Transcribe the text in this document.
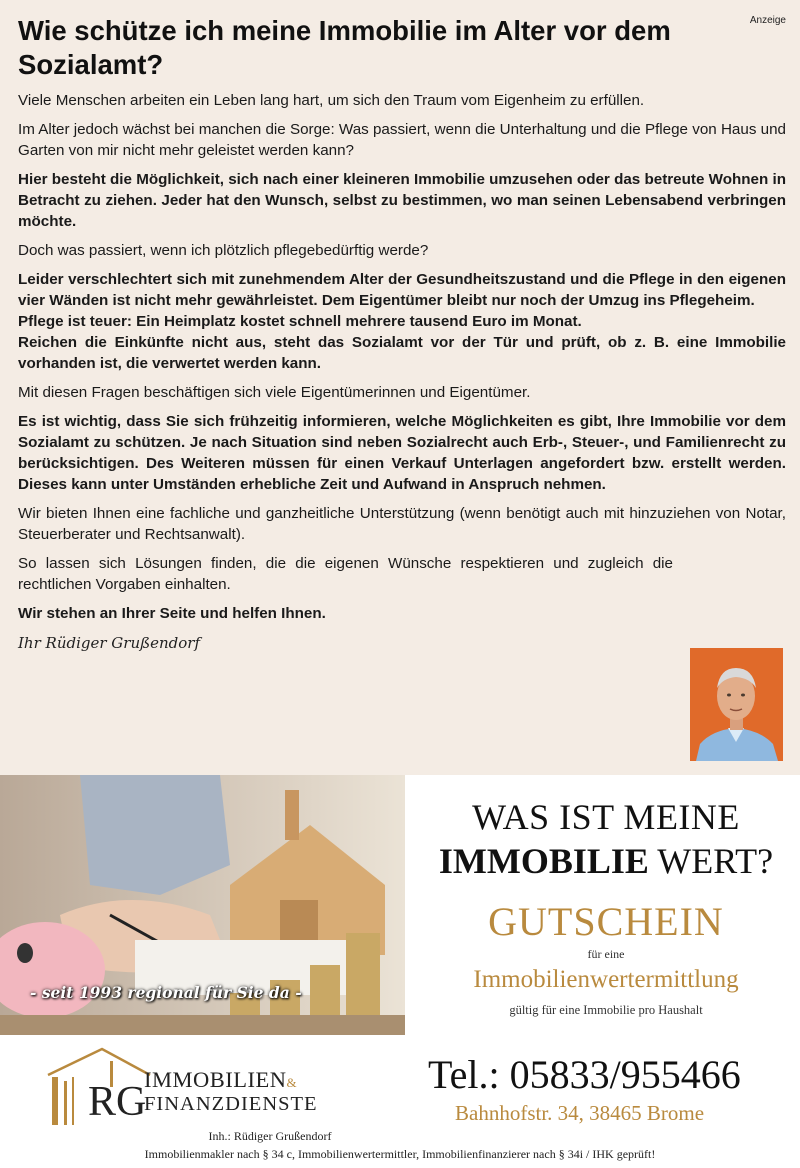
Anzeige
Wie schütze ich meine Immobilie im Alter vor dem Sozialamt?

Viele Menschen arbeiten ein Leben lang hart, um sich den Traum vom Eigenheim zu erfüllen.

Im Alter jedoch wächst bei manchen die Sorge: Was passiert, wenn die Unterhaltung und die Pflege von Haus und Garten von mir nicht mehr geleistet werden kann?

Hier besteht die Möglichkeit, sich nach einer kleineren Immobilie umzusehen oder das betreute Wohnen in Betracht zu ziehen. Jeder hat den Wunsch, selbst zu bestimmen, wo man seinen Lebensabend verbringen möchte.

Doch was passiert, wenn ich plötzlich pflegebedürftig werde?

Leider verschlechtert sich mit zunehmendem Alter der Gesundheitszustand und die Pflege in den eigenen vier Wänden ist nicht mehr gewährleistet. Dem Eigentümer bleibt nur noch der Umzug ins Pflegeheim.

Pflege ist teuer: Ein Heimplatz kostet schnell mehrere tausend Euro im Monat.

Reichen die Einkünfte nicht aus, steht das Sozialamt vor der Tür und prüft, ob z. B. eine Immobilie vorhanden ist, die verwertet werden kann.

Mit diesen Fragen beschäftigen sich viele Eigentümerinnen und Eigentümer.

Es ist wichtig, dass Sie sich frühzeitig informieren, welche Möglichkeiten es gibt, Ihre Immobilie vor dem Sozialamt zu schützen. Je nach Situation sind neben Sozialrecht auch Erb-, Steuer-, und Familienrecht zu berücksichtigen. Des Weiteren müssen für einen Verkauf Unterlagen angefordert bzw. erstellt werden. Dieses kann unter Umständen erhebliche Zeit und Aufwand in Anspruch nehmen.

Wir bieten Ihnen eine fachliche und ganzheitliche Unterstützung (wenn benötigt auch mit hinzuziehen von Notar, Steuerberater und Rechtsanwalt).

So lassen sich Lösungen finden, die die eigenen Wünsche respektieren und zugleich die rechtlichen Vorgaben einhalten.

Wir stehen an Ihrer Seite und helfen Ihnen.

Ihr Rüdiger Grußendorf

- seit 1993 regional für Sie da -
WAS IST MEINE
IMMOBILIE WERT?
GUTSCHEIN
für eine
Immobilienwertermittlung
gültig für eine Immobilie pro Haushalt
RG
IMMOBILIEN&
FINANZDIENSTE
Tel.: 05833/955466
Bahnhofstr. 34, 38465 Brome
Inh.: Rüdiger Grußendorf
Immobilienmakler nach § 34 c, Immobilienwertermittler, Immobilienfinanzierer nach § 34i / IHK geprüft!
